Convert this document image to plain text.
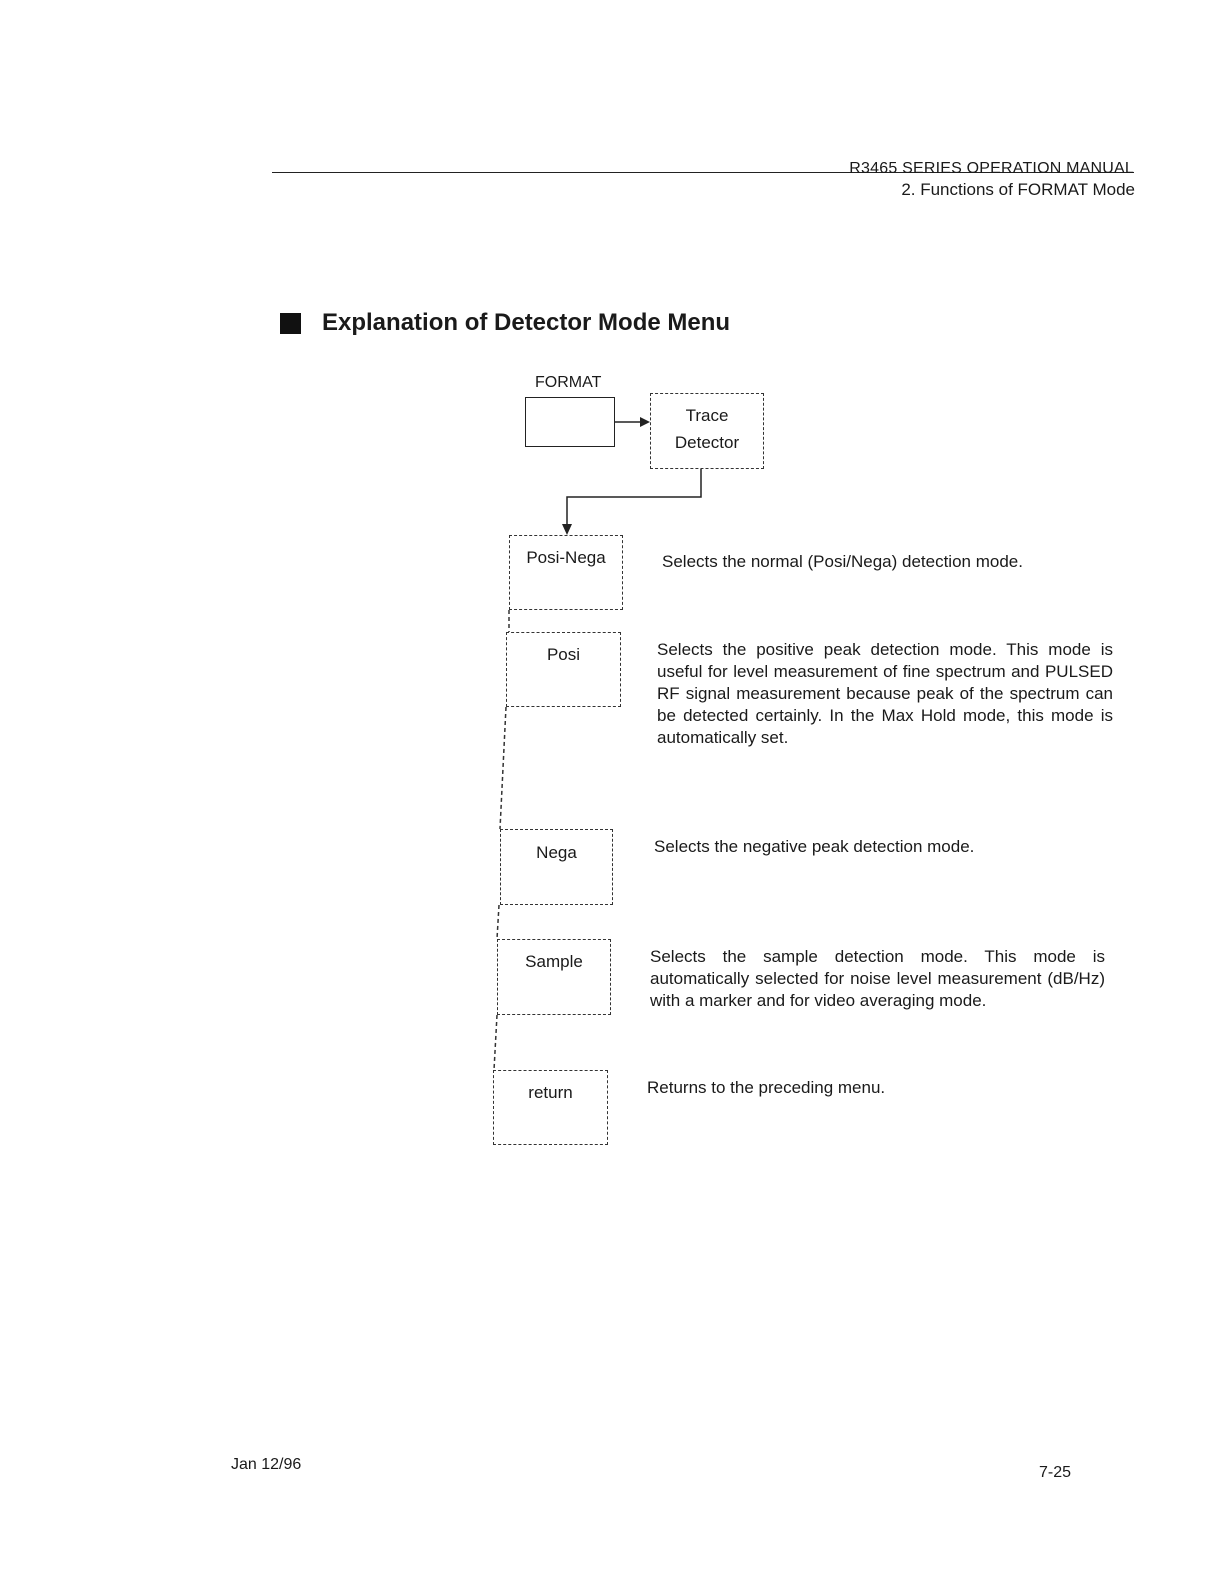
R3465 SERIES OPERATION MANUAL
2. Functions of FORMAT Mode
Explanation of Detector Mode Menu
FORMAT
Trace
Detector
Posi-Nega
Posi
Nega
Sample
return
Selects the normal (Posi/Nega) detection mode.
Selects the positive peak detection mode. This mode is useful for level measurement of fine spectrum and PULSED RF signal measurement because peak of the spectrum can be detected certainly. In the Max Hold mode, this mode is automatically set.
Selects the negative peak detection mode.
Selects the sample detection mode. This mode is automatically selected for noise level measurement (dB/Hz) with a marker and for video averaging mode.
Returns to the preceding menu.
Jan 12/96	7-25
